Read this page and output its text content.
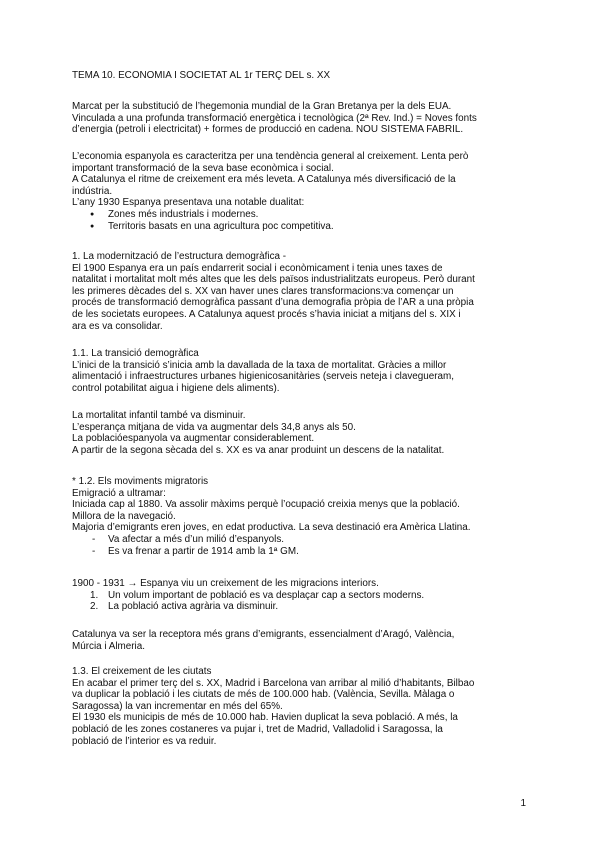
TEMA 10. ECONOMIA I SOCIETAT AL 1r TERÇ DEL s. XX

Marcat per la substitució de l’hegemonia mundial de la Gran Bretanya per la dels EUA.

Vinculada a una profunda transformació energètica i tecnològica (2ª Rev. Ind.) = Noves fonts

d’energia (petroli i electricitat) + formes de producció en cadena. NOU SISTEMA FABRIL.

L’economia espanyola es caracteritza per una tendència general al creixement. Lenta però

important transformació de la seva base econòmica i social.

A Catalunya el ritme de creixement era més leveta. A Catalunya més diversificació de la

indústria.

L’any 1930 Espanya presentava una notable dualitat:

● Zones més industrials i modernes.

● Territoris basats en una agricultura poc competitiva.

1. La modernització de l’estructura demogràfica -

El 1900 Espanya era un país endarrerit social i econòmicament i tenia unes taxes de

natalitat i mortalitat molt més altes que les dels països industrialitzats europeus. Però durant

les primeres dècades del s. XX van haver unes clares transformacions:va començar un

procés de transformació demogràfica passant d’una demografia pròpia de l’AR a una pròpia

de les societats europees. A Catalunya aquest procés s’havia iniciat a mitjans del s. XIX i

ara es va consolidar.

1.1. La transició demogràfica

L’inici de la transició s’inicia amb la davallada de la taxa de mortalitat. Gràcies a millor

alimentació i infraestructures urbanes higienicosanitàries (serveis neteja i clavegueram,

control potabilitat aigua i higiene dels aliments).

La mortalitat infantil també va disminuir.

L’esperança mitjana de vida va augmentar dels 34,8 anys als 50.

La poblacióespanyola va augmentar considerablement.

A partir de la segona sècada del s. XX es va anar produint un descens de la natalitat.

* 1.2. Els moviments migratoris

Emigració a ultramar:

Iniciada cap al 1880. Va assolir màxims perquè l’ocupació creixia menys que la població.

Millora de la navegació.

Majoria d’emigrants eren joves, en edat productiva. La seva destinació era Amèrica Llatina.

- Va afectar a més d’un milió d’espanyols.

- Es va frenar a partir de 1914 amb la 1ª GM.

1900 - 1931 → Espanya viu un creixement de les migracions interiors.

1. Un volum important de població es va desplaçar cap a sectors moderns.

2. La població activa agrària va disminuir.

Catalunya va ser la receptora més grans d’emigrants, essencialment d’Aragó, València,

Múrcia i Almeria.

1.3. El creixement de les ciutats

En acabar el primer terç del s. XX, Madrid i Barcelona van arribar al milió d’habitants, Bilbao

va duplicar la població i les ciutats de més de 100.000 hab. (València, Sevilla. Màlaga o

Saragossa) la van incrementar en més del 65%.

El 1930 els municipis de més de 10.000 hab. Havien duplicat la seva població. A més, la

població de les zones costaneres va pujar i, tret de Madrid, Valladolid i Saragossa, la

població de l’interior es va reduir.

1
